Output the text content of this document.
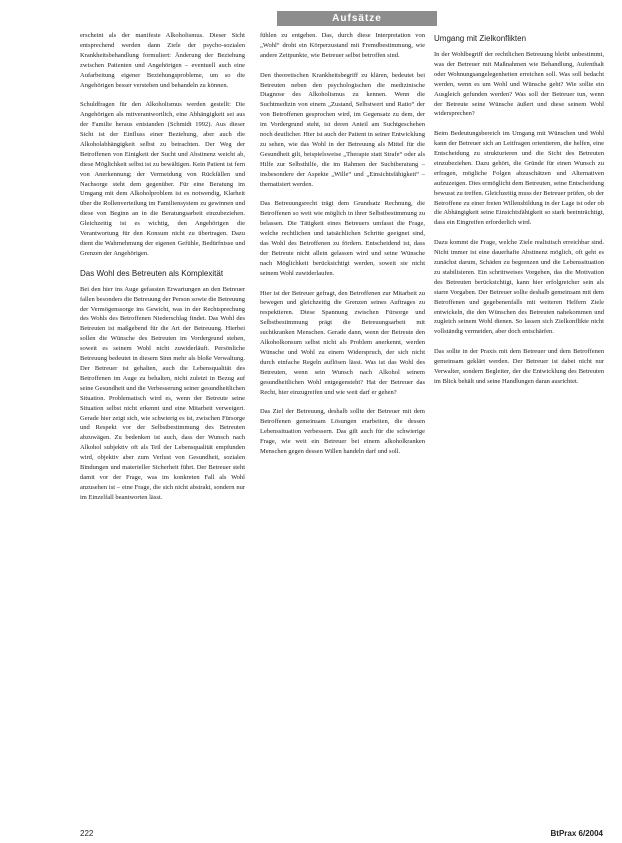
Aufsätze

erscheint als der manifeste Alkoholismus. Dieser Sicht entsprechend werden dann Ziele der psycho-sozialen Krankheitsbehandlung formuliert: Änderung der Beziehung zwischen Patienten und Angehörigen – eventuell auch eine Aufarbeitung eigener Beziehungsprobleme, um so die Angehörigen besser verstehen und behandeln zu können.

Schuldfragen für den Alkoholismus werden gestellt: Die Angehörigen als mitverantwortlich, eine Abhängigkeit sei aus der Familie heraus entstanden (Schmidt 1992). Aus dieser Sicht ist der Einfluss einer Beziehung, aber auch die Alkoholabhängigkeit selbst zu betrachten. Der Weg der Betroffenen von Einigkeit der Sucht und Abstinenz weicht ab, diese Möglichkeit selbst ist zu bewältigen. Kein Patient ist fern von Anerkennung; der Vermeidung von Rückfällen und Nachsorge steht dem gegenüber. Für eine Beratung im Umgang mit dem Alkoholproblem ist es notwendig, Klarheit über die Rollenverteilung im Familiensystem zu gewinnen und diese von Beginn an in die Beratungsarbeit einzubeziehen. Gleichzeitig ist es wichtig, den Angehörigen die Verantwortung für den Konsum nicht zu übertragen. Dazu dient die Wahrnehmung der eigenen Gefühle, Bedürfnisse und Grenzen der Angehörigen.

Das Wohl des Betreuten als Komplexität

Bei den hier ins Auge gefassten Erwartungen an den Betreuer fallen besonders die Betreuung der Person sowie die Betreuung der Vermögenssorge ins Gewicht, was in der Rechtsprechung des Wohls des Betroffenen Niederschlag findet. Das Wohl des Betreuten ist maßgebend für die Art der Betreuung. Hierbei sollen die Wünsche des Betreuten im Vordergrund stehen, soweit es seinem Wohl nicht zuwiderläuft. Persönliche Betreuung bedeutet in diesem Sinn mehr als bloße Verwaltung. Der Betreuer ist gehalten, auch die Lebensqualität des Betroffenen im Auge zu behalten, nicht zuletzt in Bezug auf seine Gesundheit und die Verbesserung seiner gesundheitlichen Situation. Problematisch wird es, wenn der Betreute seine Situation selbst nicht erkennt und eine Mitarbeit verweigert. Gerade hier zeigt sich, wie schwierig es ist, zwischen Fürsorge und Respekt vor der Selbstbestimmung des Betreuten abzuwägen. Zu bedenken ist auch, dass der Wunsch nach Alkohol subjektiv oft als Teil der Lebensqualität empfunden wird, objektiv aber zum Verlust von Gesundheit, sozialen Bindungen und materieller Sicherheit führt. Der Betreuer steht damit vor der Frage, was im konkreten Fall als Wohl anzusehen ist – eine Frage, die sich nicht abstrakt, sondern nur im Einzelfall beantworten lässt.

fühlen zu entgehen. Das, durch diese Interpretation von „Wohl“ droht ein Körperzustand mit Fremdbestimmung, wie andere Zeitpunkte, wie Betreuer selbst betroffen sind.

Den theoretischen Krankheitsbegriff zu klären, bedeutet bei Betreuten neben den psychologischen die medizinische Diagnose des Alkoholismus zu kennen. Wenn die Suchtmedizin von einem „Zustand, Selbstwert und Ratio“ der von Betroffenen gesprochen wird, im Gegensatz zu dem, der im Vordergrund steht, ist deren Anteil am Suchtgeschehen noch deutlicher. Hier ist auch der Patient in seiner Entwicklung zu sehen, wie das Wohl in der Betreuung als Mittel für die Gesundheit gilt, beispielsweise „Therapie statt Strafe“ oder als Hilfe zur Selbsthilfe, die im Rahmen der Suchtberatung – insbesondere der Aspekte „Wille“ und „Einsichtsfähigkeit“ – thematisiert werden.

Das Betreuungsrecht trägt dem Grundsatz Rechnung, die Betroffenen so weit wie möglich in ihrer Selbstbestimmung zu belassen. Die Tätigkeit eines Betreuers umfasst die Frage, welche rechtlichen und tatsächlichen Schritte geeignet sind, das Wohl des Betroffenen zu fördern. Entscheidend ist, dass der Betreute nicht allein gelassen wird und seine Wünsche nach Möglichkeit berücksichtigt werden, soweit sie nicht seinem Wohl zuwiderlaufen.

Hier ist der Betreuer gefragt, den Betroffenen zur Mitarbeit zu bewegen und gleichzeitig die Grenzen seines Auftrages zu respektieren. Diese Spannung zwischen Fürsorge und Selbstbestimmung prägt die Betreuungsarbeit mit suchtkranken Menschen. Gerade dann, wenn der Betreute den Alkoholkonsum selbst nicht als Problem anerkennt, werden Wünsche und Wohl zu einem Widerspruch, der sich nicht durch einfache Regeln auflösen lässt. Was ist das Wohl des Betreuten, wenn sein Wunsch nach Alkohol seinem gesundheitlichen Wohl entgegensteht? Hat der Betreuer das Recht, hier einzugreifen und wie weit darf er gehen?

Das Ziel der Betreuung, deshalb sollte der Betreuer mit dem Betroffenen gemeinsam Lösungen erarbeiten, die dessen Lebenssituation verbessern. Das gilt auch für die schwierige Frage, wie weit ein Betreuer bei einem alkoholkranken Menschen gegen dessen Willen handeln darf und soll.

Umgang mit Zielkonflikten

In der Wohlbegriff der rechtlichen Betreuung bleibt unbestimmt, was der Betreuer mit Maßnahmen wie Behandlung, Aufenthalt oder Wohnungsangelegenheiten erreichen soll. Was soll bedacht werden, wenn es um Wohl und Wünsche geht? Wie sollte ein Ausgleich gefunden werden? Was soll der Betreuer tun, wenn der Betreute seine Wünsche äußert und diese seinem Wohl widersprechen?

Beim Bedeutungsbereich im Umgang mit Wünschen und Wohl kann der Betreuer sich an Leitfragen orientieren, die helfen, eine Entscheidung zu strukturieren und die Sicht des Betreuten einzubeziehen. Dazu gehört, die Gründe für einen Wunsch zu erfragen, mögliche Folgen abzuschätzen und Alternativen aufzuzeigen. Dies ermöglicht dem Betreuten, seine Entscheidung bewusst zu treffen. Gleichzeitig muss der Betreuer prüfen, ob der Betroffene zu einer freien Willensbildung in der Lage ist oder ob die Abhängigkeit seine Einsichtsfähigkeit so stark beeinträchtigt, dass ein Eingreifen erforderlich wird.

Dazu kommt die Frage, welche Ziele realistisch erreichbar sind. Nicht immer ist eine dauerhafte Abstinenz möglich, oft geht es zunächst darum, Schäden zu begrenzen und die Lebenssituation zu stabilisieren. Ein schrittweises Vorgehen, das die Motivation des Betreuten berücksichtigt, kann hier erfolgreicher sein als starre Vorgaben. Der Betreuer sollte deshalb gemeinsam mit dem Betroffenen und gegebenenfalls mit weiteren Helfern Ziele entwickeln, die den Wünschen des Betreuten nahekommen und zugleich seinem Wohl dienen. So lassen sich Zielkonflikte nicht vollständig vermeiden, aber doch entschärfen.

Das sollte in der Praxis mit dem Betreuer und dem Betroffenen gemeinsam geklärt werden. Der Betreuer ist dabei nicht nur Verwalter, sondern Begleiter, der die Entwicklung des Betreuten im Blick behält und seine Handlungen daran ausrichtet.

222	BtPrax 6/2004
